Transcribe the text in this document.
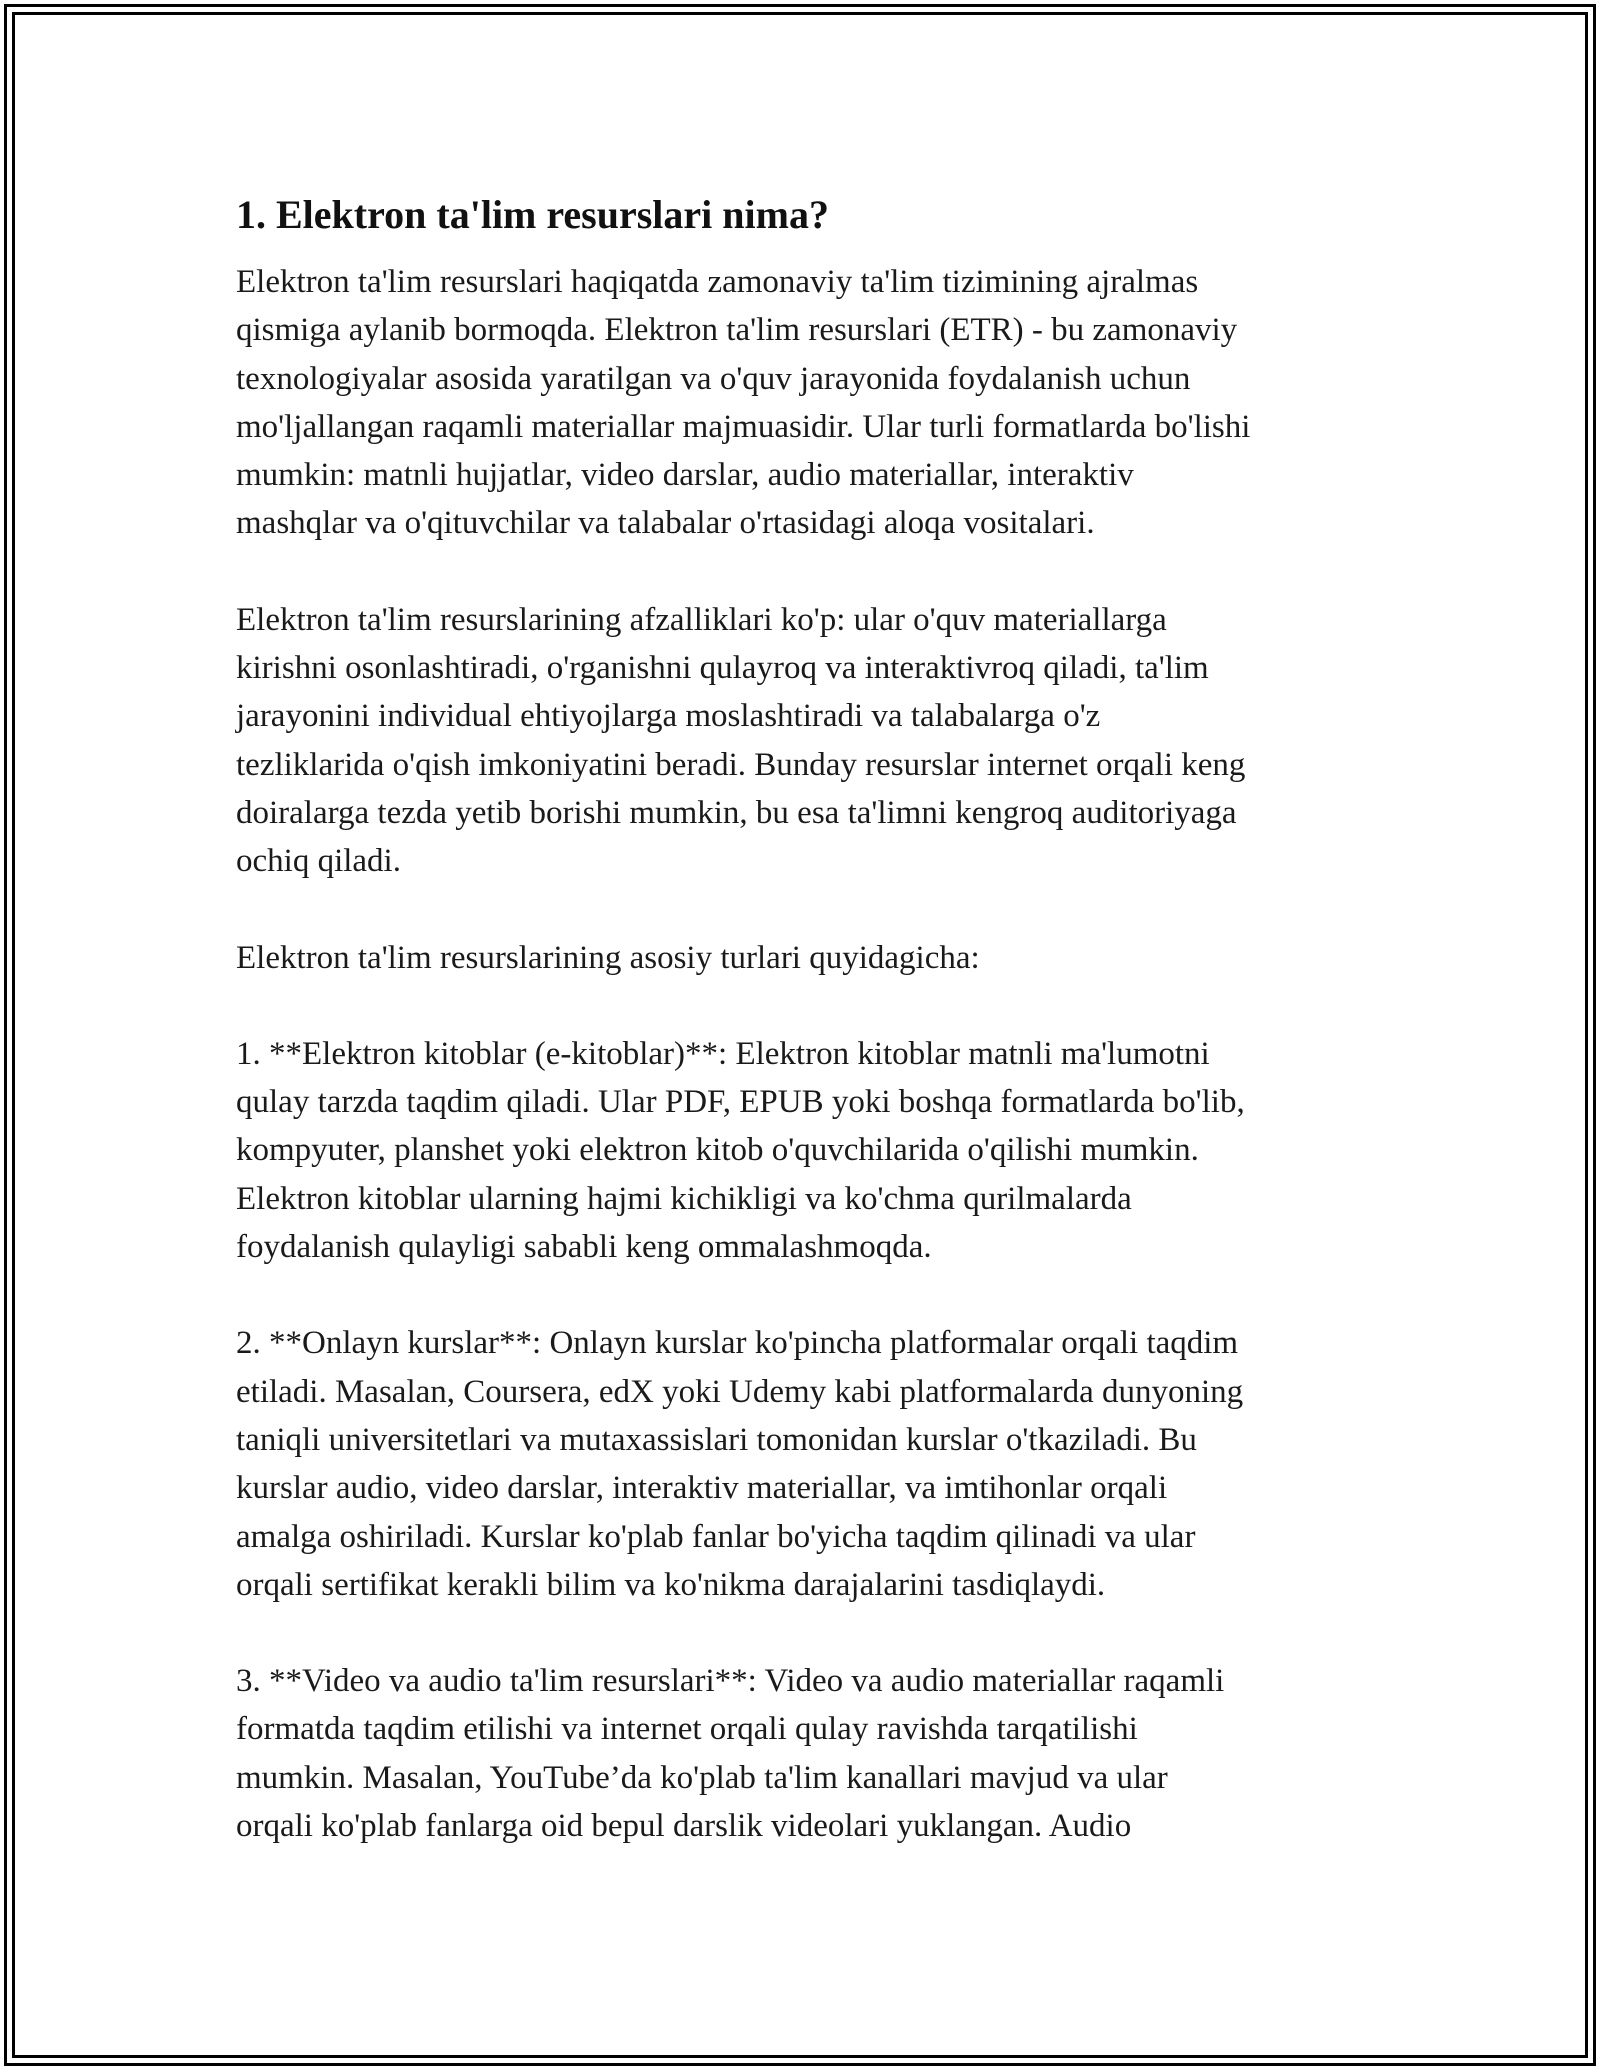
1. Elektron ta'lim resurslari nima?

Elektron ta'lim resurslari haqiqatda zamonaviy ta'lim tizimining ajralmas
qismiga aylanib bormoqda. Elektron ta'lim resurslari (ETR) - bu zamonaviy
texnologiyalar asosida yaratilgan va o'quv jarayonida foydalanish uchun
mo'ljallangan raqamli materiallar majmuasidir. Ular turli formatlarda bo'lishi
mumkin: matnli hujjatlar, video darslar, audio materiallar, interaktiv
mashqlar va o'qituvchilar va talabalar o'rtasidagi aloqa vositalari.

Elektron ta'lim resurslarining afzalliklari ko'p: ular o'quv materiallarga
kirishni osonlashtiradi, o'rganishni qulayroq va interaktivroq qiladi, ta'lim
jarayonini individual ehtiyojlarga moslashtiradi va talabalarga o'z
tezliklarida o'qish imkoniyatini beradi. Bunday resurslar internet orqali keng
doiralarga tezda yetib borishi mumkin, bu esa ta'limni kengroq auditoriyaga
ochiq qiladi.

Elektron ta'lim resurslarining asosiy turlari quyidagicha:

1. **Elektron kitoblar (e-kitoblar)**: Elektron kitoblar matnli ma'lumotni
qulay tarzda taqdim qiladi. Ular PDF, EPUB yoki boshqa formatlarda bo'lib,
kompyuter, planshet yoki elektron kitob o'quvchilarida o'qilishi mumkin.
Elektron kitoblar ularning hajmi kichikligi va ko'chma qurilmalarda
foydalanish qulayligi sababli keng ommalashmoqda.

2. **Onlayn kurslar**: Onlayn kurslar ko'pincha platformalar orqali taqdim
etiladi. Masalan, Coursera, edX yoki Udemy kabi platformalarda dunyoning
taniqli universitetlari va mutaxassislari tomonidan kurslar o'tkaziladi. Bu
kurslar audio, video darslar, interaktiv materiallar, va imtihonlar orqali
amalga oshiriladi. Kurslar ko'plab fanlar bo'yicha taqdim qilinadi va ular
orqali sertifikat kerakli bilim va ko'nikma darajalarini tasdiqlaydi.

3. **Video va audio ta'lim resurslari**: Video va audio materiallar raqamli
formatda taqdim etilishi va internet orqali qulay ravishda tarqatilishi
mumkin. Masalan, YouTube’da ko'plab ta'lim kanallari mavjud va ular
orqali ko'plab fanlarga oid bepul darslik videolari yuklangan. Audio
